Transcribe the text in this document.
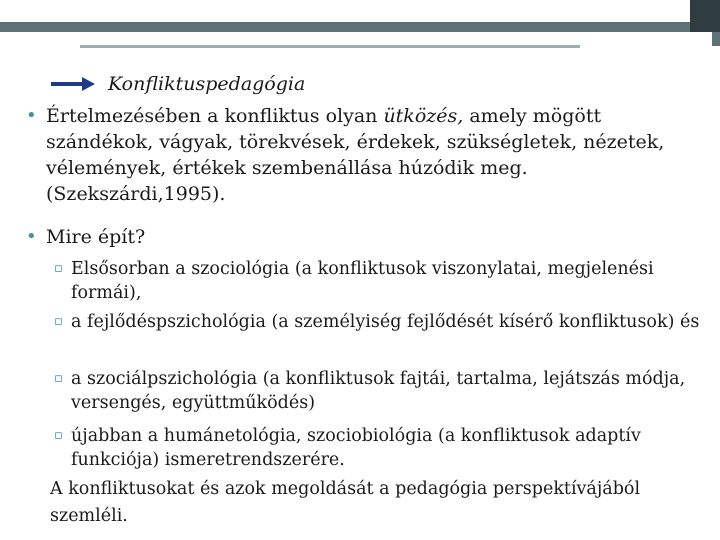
Konfliktuspedagógia
• Értelmezésében a konfliktus olyan ütközés, amely mögött szándékok, vágyak, törekvések, érdekek, szükségletek, nézetek, vélemények, értékek szembenállása húzódik meg. (Szekszárdi,1995).
• Mire épít?
▫ Elsősorban a szociológia (a konfliktusok viszonylatai, megjelenési formái),
▫ a fejlődéspszichológia (a személyiség fejlődését kísérő konfliktusok) és
▫ a szociálpszichológia (a konfliktusok fajtái, tartalma, lejátszás módja, versengés, együttműködés)
▫ újabban a humánetológia, szociobiológia (a konfliktusok adaptív funkciója) ismeretrendszerére.
A konfliktusokat és azok megoldását a pedagógia perspektívájából szemléli.
